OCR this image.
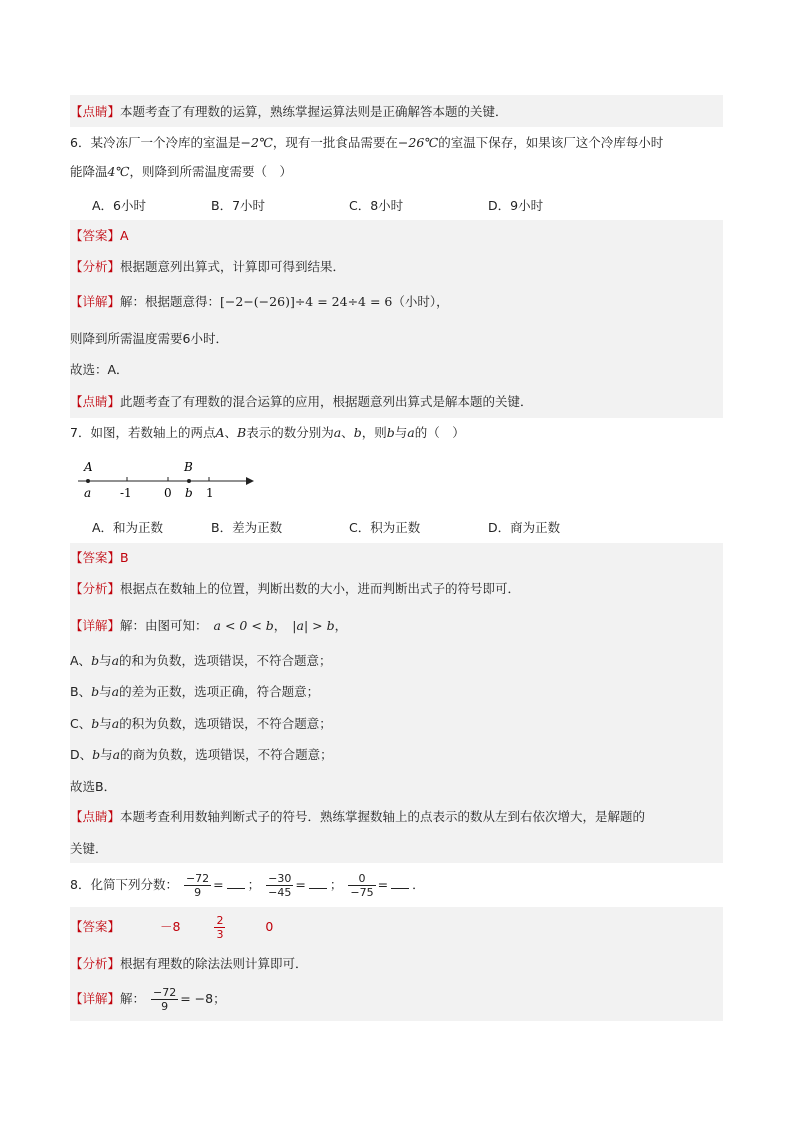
【点睛】本题考查了有理数的运算，熟练掌握运算法则是正确解答本题的关键．
6．某冷冻厂一个冷库的室温是−2℃，现有一批食品需要在−26℃的室温下保存，如果该厂这个冷库每小时
能降温4℃，则降到所需温度需要（　）
A．6小时	B．7小时	C．8小时	D．9小时
【答案】A
【分析】根据题意列出算式，计算即可得到结果．
【详解】解：根据题意得：[−2−(−26)]÷4 = 24÷4 = 6（小时），
则降到所需温度需要6小时．
故选：A．
【点睛】此题考查了有理数的混合运算的应用，根据题意列出算式是解本题的关键．
7．如图，若数轴上的两点A、B表示的数分别为a、b，则b与a的（　）
A	B
a -1	0 b 1
A．和为正数	B．差为正数	C．积为正数	D．商为正数
【答案】B
【分析】根据点在数轴上的位置，判断出数的大小，进而判断出式子的符号即可．
【详解】解：由图可知： a < 0 < b， |a| > b，
A、b与a的和为负数，选项错误，不符合题意；
B、b与a的差为正数，选项正确，符合题意；
C、b与a的积为负数，选项错误，不符合题意；
D、b与a的商为负数，选项错误，不符合题意；
故选B．
【点睛】本题考查利用数轴判断式子的符号．熟练掌握数轴上的点表示的数从左到右依次增大，是解题的
关键．
8．化简下列分数： $\frac{-72}{9}$ = ； $\frac{-30}{-45}$ = ； $\frac{0}{-75}$ = ．
【答案】	－8	$\frac{2}{3}$	0
【分析】根据有理数的除法法则计算即可．
【详解】解： $\frac{-72}{9} = -8$；
